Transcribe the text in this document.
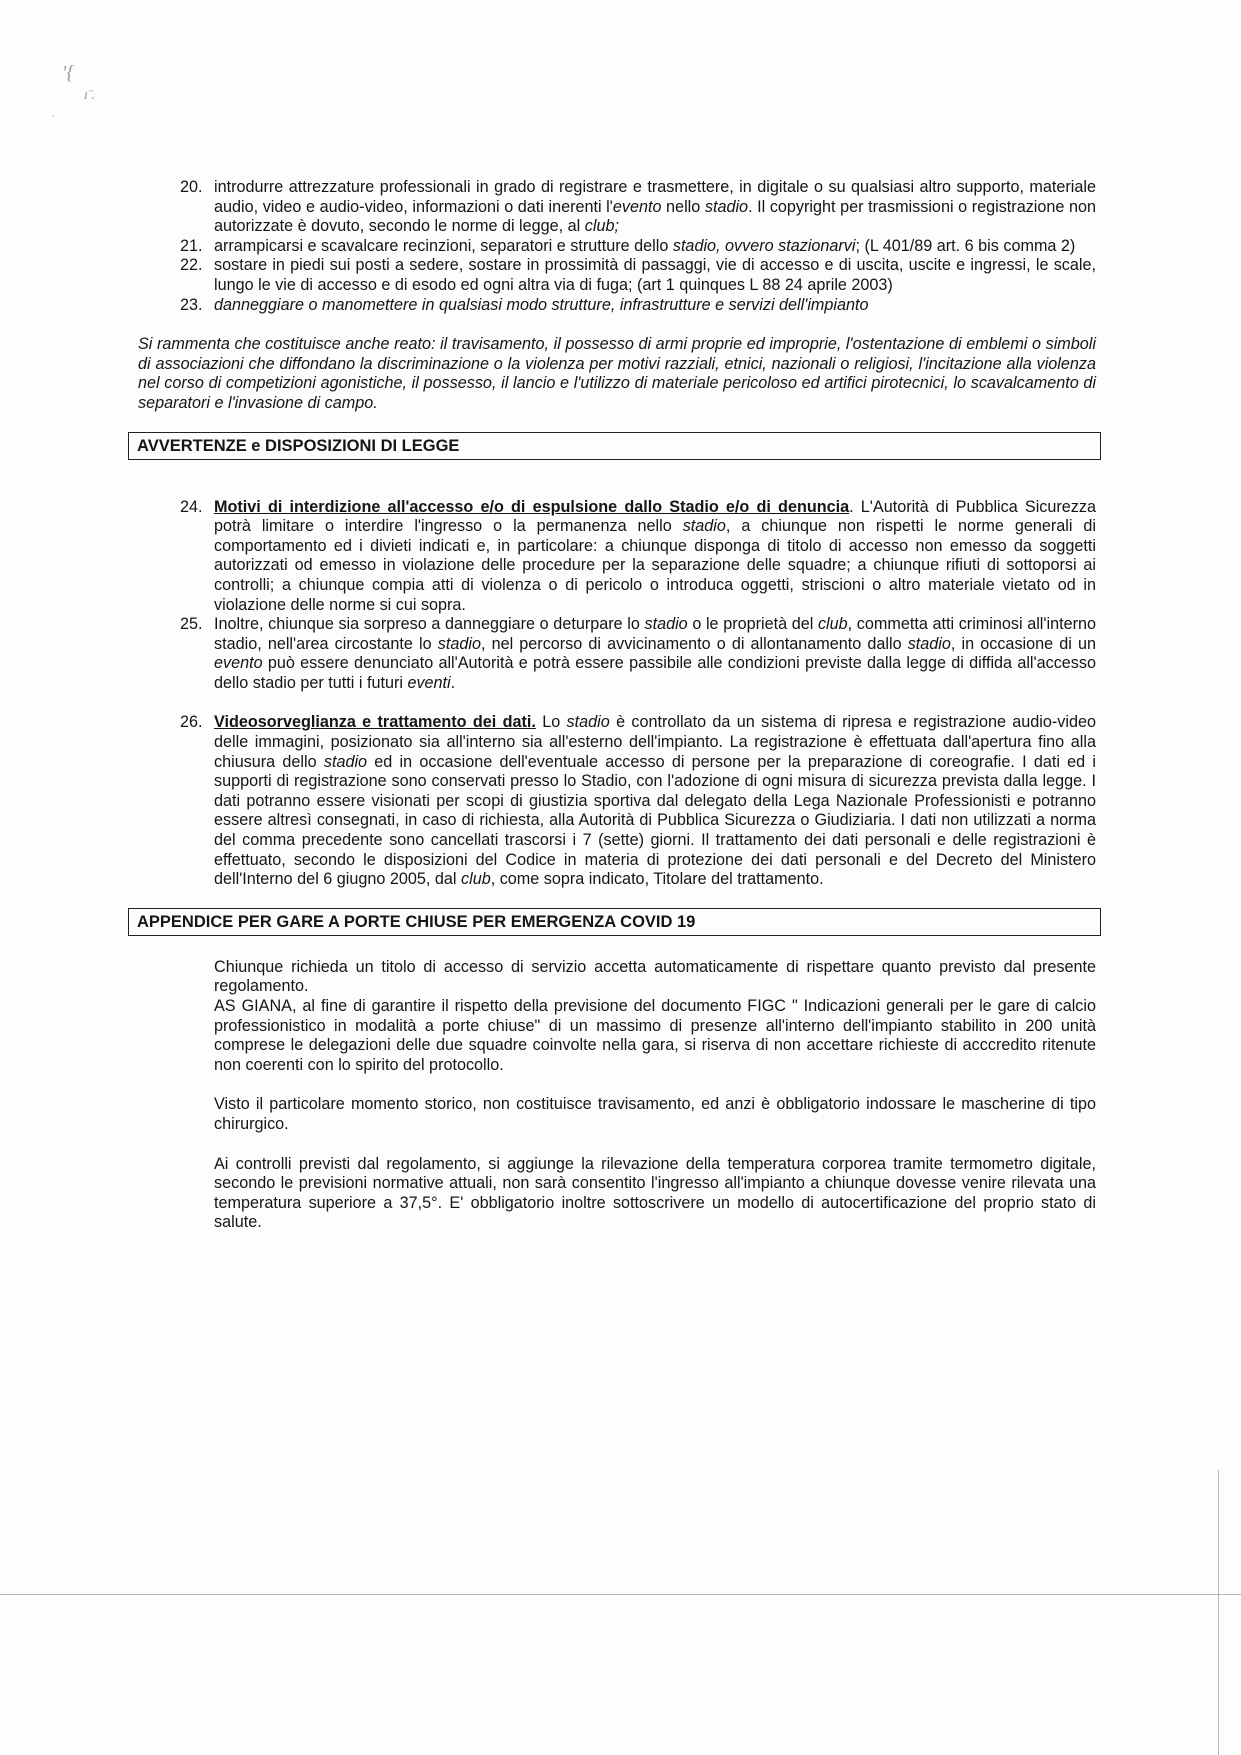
'{
ɪ̈ .
.
20. introdurre attrezzature professionali in grado di registrare e trasmettere, in digitale o su qualsiasi altro supporto, materiale audio, video e audio-video, informazioni o dati inerenti l'evento nello stadio. Il copyright per trasmissioni o registrazione non autorizzate è dovuto, secondo le norme di legge, al club;
21. arrampicarsi e scavalcare recinzioni, separatori e strutture dello stadio, ovvero stazionarvi; (L 401/89 art. 6 bis comma 2)
22. sostare in piedi sui posti a sedere, sostare in prossimità di passaggi, vie di accesso e di uscita, uscite e ingressi, le scale, lungo le vie di accesso e di esodo ed ogni altra via di fuga; (art 1 quinques L 88 24 aprile 2003)
23. danneggiare o manomettere in qualsiasi modo strutture, infrastrutture e servizi dell'impianto

Si rammenta che costituisce anche reato: il travisamento, il possesso di armi proprie ed improprie, l'ostentazione di emblemi o simboli di associazioni che diffondano la discriminazione o la violenza per motivi razziali, etnici, nazionali o religiosi, l'incitazione alla violenza nel corso di competizioni agonistiche, il possesso, il lancio e l'utilizzo di materiale pericoloso ed artifici pirotecnici, lo scavalcamento di separatori e l'invasione di campo.

AVVERTENZE e DISPOSIZIONI DI LEGGE
24. Motivi di interdizione all'accesso e/o di espulsione dallo Stadio e/o di denuncia. L'Autorità di Pubblica Sicurezza potrà limitare o interdire l'ingresso o la permanenza nello stadio, a chiunque non rispetti le norme generali di comportamento ed i divieti indicati e, in particolare: a chiunque disponga di titolo di accesso non emesso da soggetti autorizzati od emesso in violazione delle procedure per la separazione delle squadre; a chiunque rifiuti di sottoporsi ai controlli; a chiunque compia atti di violenza o di pericolo o introduca oggetti, striscioni o altro materiale vietato od in violazione delle norme si cui sopra.
25. Inoltre, chiunque sia sorpreso a danneggiare o deturpare lo stadio o le proprietà del club, commetta atti criminosi all'interno stadio, nell'area circostante lo stadio, nel percorso di avvicinamento o di allontanamento dallo stadio, in occasione di un evento può essere denunciato all'Autorità e potrà essere passibile alle condizioni previste dalla legge di diffida all'accesso dello stadio per tutti i futuri eventi.
26. Videosorveglianza e trattamento dei dati. Lo stadio è controllato da un sistema di ripresa e registrazione audio-video delle immagini, posizionato sia all'interno sia all'esterno dell'impianto. La registrazione è effettuata dall'apertura fino alla chiusura dello stadio ed in occasione dell'eventuale accesso di persone per la preparazione di coreografie. I dati ed i supporti di registrazione sono conservati presso lo Stadio, con l'adozione di ogni misura di sicurezza prevista dalla legge. I dati potranno essere visionati per scopi di giustizia sportiva dal delegato della Lega Nazionale Professionisti e potranno essere altresì consegnati, in caso di richiesta, alla Autorità di Pubblica Sicurezza o Giudiziaria. I dati non utilizzati a norma del comma precedente sono cancellati trascorsi i 7 (sette) giorni. Il trattamento dei dati personali e delle registrazioni è effettuato, secondo le disposizioni del Codice in materia di protezione dei dati personali e del Decreto del Ministero dell'Interno del 6 giugno 2005, dal club, come sopra indicato, Titolare del trattamento.
APPENDICE PER GARE A PORTE CHIUSE PER EMERGENZA COVID 19

Chiunque richieda un titolo di accesso di servizio accetta automaticamente di rispettare quanto previsto dal presente regolamento.

AS GIANA, al fine di garantire il rispetto della previsione del documento FIGC " Indicazioni generali per le gare di calcio professionistico in modalità a porte chiuse" di un massimo di presenze all'interno dell'impianto stabilito in 200 unità comprese le delegazioni delle due squadre coinvolte nella gara, si riserva di non accettare richieste di acccredito ritenute non coerenti con lo spirito del protocollo.

Visto il particolare momento storico, non costituisce travisamento, ed anzi è obbligatorio indossare le mascherine di tipo chirurgico.

Ai controlli previsti dal regolamento, si aggiunge la rilevazione della temperatura corporea tramite termometro digitale, secondo le previsioni normative attuali, non sarà consentito l'ingresso all'impianto a chiunque dovesse venire rilevata una temperatura superiore a 37,5°. E' obbligatorio inoltre sottoscrivere un modello di autocertificazione del proprio stato di salute.
